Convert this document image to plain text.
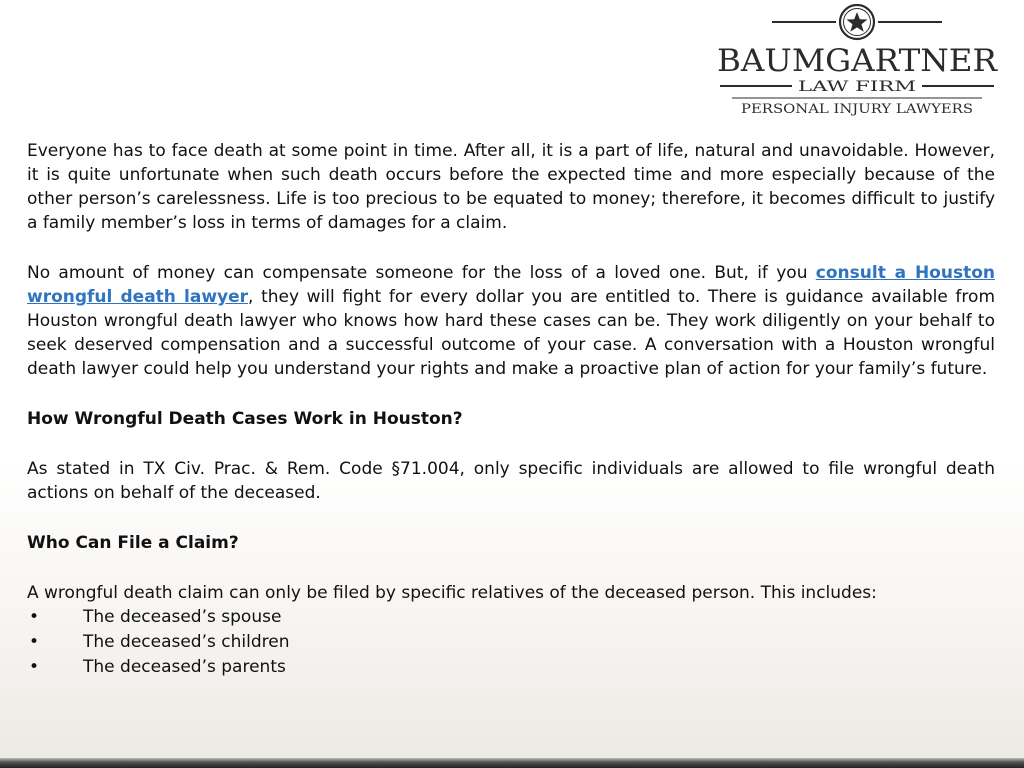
BAUMGARTNER
LAW FIRM
PERSONAL INJURY LAWYERS

Everyone has to face death at some point in time. After all, it is a part of life, natural and unavoidable. However, it is quite unfortunate when such death occurs before the expected time and more especially because of the other person’s carelessness. Life is too precious to be equated to money; therefore, it becomes difficult to justify a family member’s loss in terms of damages for a claim.

No amount of money can compensate someone for the loss of a loved one. But, if you consult a Houston wrongful death lawyer, they will fight for every dollar you are entitled to. There is guidance available from Houston wrongful death lawyer who knows how hard these cases can be. They work diligently on your behalf to seek deserved compensation and a successful outcome of your case. A conversation with a Houston wrongful death lawyer could help you understand your rights and make a proactive plan of action for your family’s future.

How Wrongful Death Cases Work in Houston?

As stated in TX Civ. Prac. & Rem. Code §71.004, only specific individuals are allowed to file wrongful death actions on behalf of the deceased.

Who Can File a Claim?

A wrongful death claim can only be filed by specific relatives of the deceased person. This includes:

•	The deceased’s spouse
•	The deceased’s children
•	The deceased’s parents
